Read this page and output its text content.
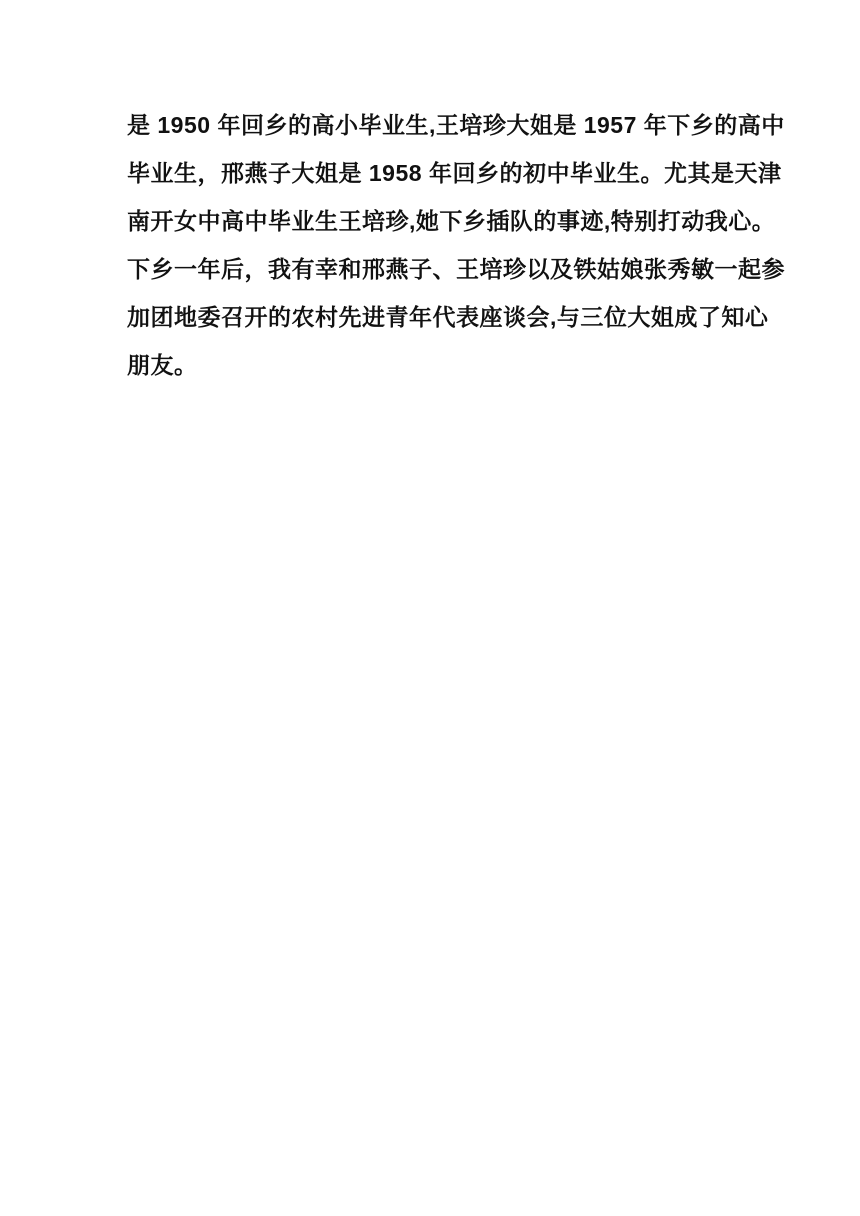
是 1950 年回乡的高小毕业生,王培珍大姐是 1957 年下乡的高中
毕业生，邢燕子大姐是 1958 年回乡的初中毕业生。尤其是天津
南开女中高中毕业生王培珍,她下乡插队的事迹,特别打动我心。
下乡一年后，我有幸和邢燕子、王培珍以及铁姑娘张秀敏一起参
加团地委召开的农村先进青年代表座谈会,与三位大姐成了知心
朋友。
